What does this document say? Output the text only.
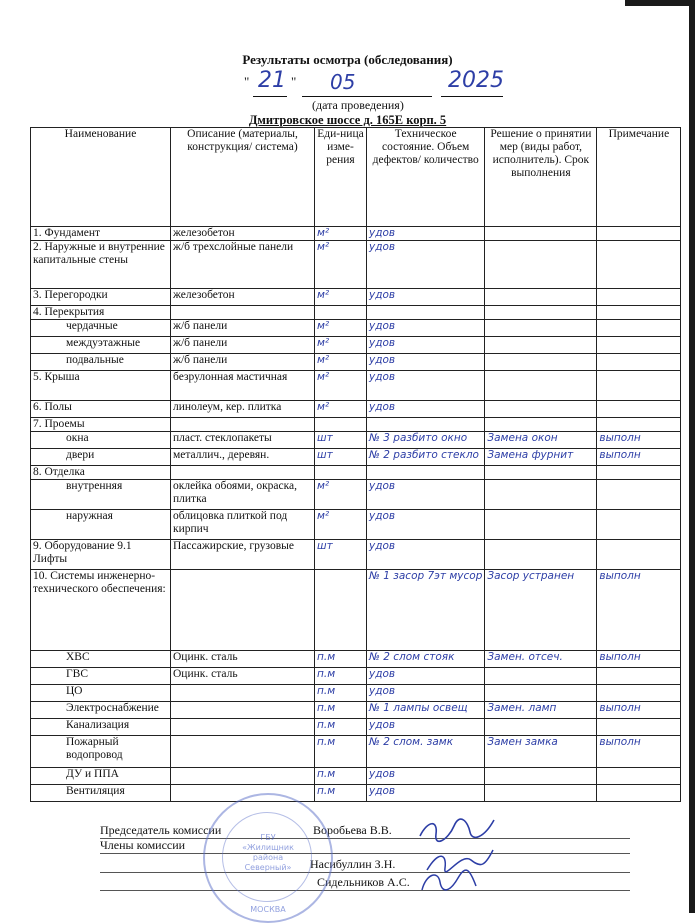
Результаты осмотра (обследования)
" 21 " 05	2025
(дата проведения)
Дмитровское шоссе д. 165Е корп. 5
Наименование	Описание (материалы, конструкция/ система)	Еди-ница изме-рения	Техническое состояние. Объем дефектов/ количество	Решение о принятии мер (виды работ, исполнитель). Срок выполнения	Примечание
1. Фундамент	железобетон	м²	удов		
2. Наружные и внутренние капитальные стены	ж/б трехслойные панели	м²	удов		
3. Перегородки	железобетон	м²	удов		
4. Перекрытия					
чердачные	ж/б панели	м²	удов		
междуэтажные	ж/б панели	м²	удов		
подвальные	ж/б панели	м²	удов		
5. Крыша	безрулонная мастичная	м²	удов		
6. Полы	линолеум, кер. плитка	м²	удов		
7. Проемы					
окна	пласт. стеклопакеты	шт	№ 3 разбито окно	Замена окон	выполн
двери	металлич., деревян.	шт	№ 2 разбито стекло	Замена фурнит	выполн
8. Отделка					
внутренняя	оклейка обоями, окраска, плитка	м²	удов		
наружная	облицовка плиткой под кирпич	м²	удов		
9. Оборудование 9.1 Лифты	Пассажирские, грузовые	шт	удов		
10. Системы инженерно-технического обеспечения:			№ 1 засор 7эт мусор	Засор устранен	выполн
ХВС	Оцинк. сталь	п.м	№ 2 слом стояк	Замен. отсеч.	выполн
ГВС	Оцинк. сталь	п.м	удов		
ЦО		п.м	удов		
Электроснабжение		п.м	№ 1 лампы освещ	Замен. ламп	выполн
Канализация		п.м	удов		
Пожарный водопровод		п.м	№ 2 слом. замк	Замен замка	выполн
ДУ и ППА		п.м	удов		
Вентиляция		п.м	удов		
Председатель комиссии	Воробьева В.В.
Члены комиссии
Насибуллин З.Н.
Сидельников А.С.
ГБУ
«Жилищник
района
Северный»
МОСКВА
